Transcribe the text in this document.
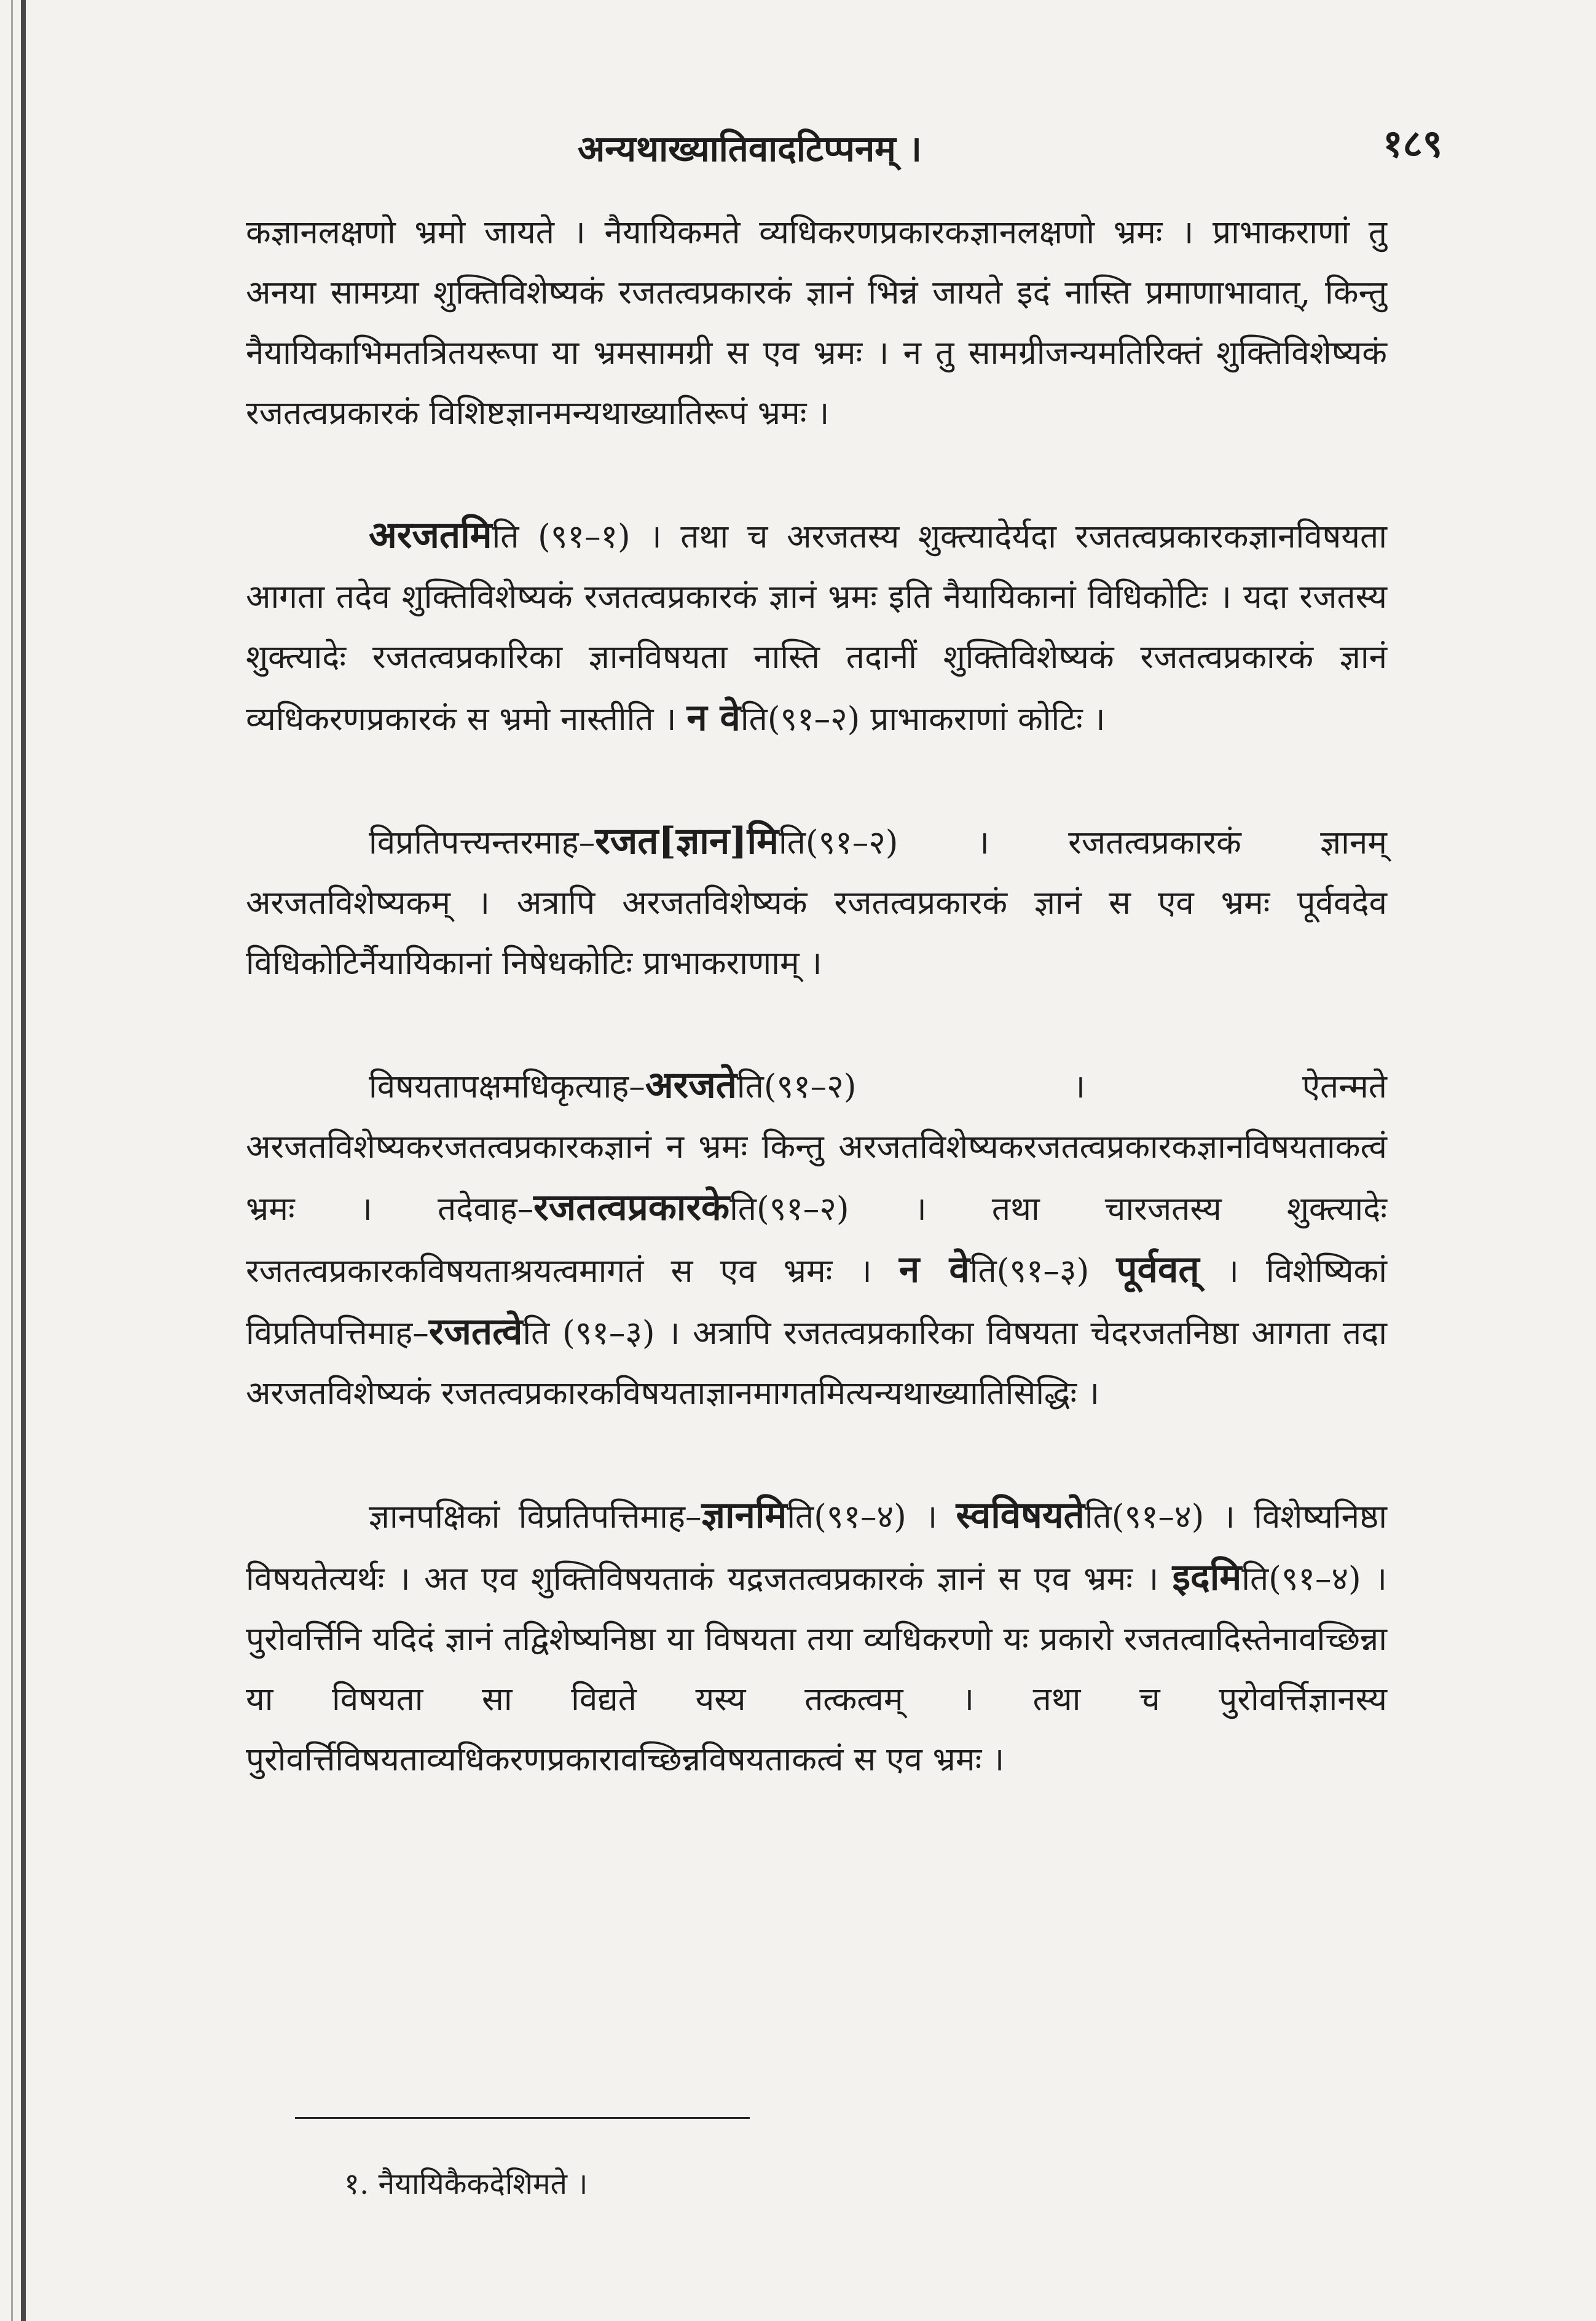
अन्यथाख्यातिवादटिप्पनम् ।	१८९

कज्ञानलक्षणो भ्रमो जायते । नैयायिकमते व्यधिकरणप्रकारकज्ञानलक्षणो भ्रमः । प्राभाकराणां तु अनया सामग्र्या शुक्तिविशेष्यकं रजतत्वप्रकारकं ज्ञानं भिन्नं जायते इदं नास्ति प्रमाणाभावात्, किन्तु नैयायिकाभिमतत्रितयरूपा या भ्रमसामग्री स एव भ्रमः । न तु सामग्रीजन्यमतिरिक्तं शुक्तिविशेष्यकं रजतत्वप्रकारकं विशिष्टज्ञानमन्यथाख्यातिरूपं भ्रमः ।

अरजतमिति (९१–१) । तथा च अरजतस्य शुक्त्यादेर्यदा रजतत्वप्रकारकज्ञानविषयता आगता तदेव शुक्तिविशेष्यकं रजतत्वप्रकारकं ज्ञानं भ्रमः इति नैयायिकानां विधिकोटिः । यदा रजतस्य शुक्त्यादेः रजतत्वप्रकारिका ज्ञानविषयता नास्ति तदानीं शुक्तिविशेष्यकं रजतत्वप्रकारकं ज्ञानं व्यधिकरणप्रकारकं स भ्रमो नास्तीति । न वेति(९१–२) प्राभाकराणां कोटिः ।

विप्रतिपत्त्यन्तरमाह–रजत[ज्ञान]मिति(९१–२) । रजतत्वप्रकारकं ज्ञानम् अरजतविशेष्यकम् । अत्रापि अरजतविशेष्यकं रजतत्वप्रकारकं ज्ञानं स एव भ्रमः पूर्ववदेव विधिकोटिर्नैयायिकानां निषेधकोटिः प्राभाकराणाम् ।

विषयतापक्षमधिकृत्याह–अरजतेति(९१–२) । ऐतन्मते अरजतविशेष्यकरजतत्वप्रकारकज्ञानं न भ्रमः किन्तु अरजतविशेष्यकरजतत्वप्रकारकज्ञानविषयताकत्वं भ्रमः । तदेवाह–रजतत्वप्रकारकेति(९१–२) । तथा चारजतस्य शुक्त्यादेः रजतत्वप्रकारकविषयताश्रयत्वमागतं स एव भ्रमः । न वेति(९१–३) पूर्ववत् । विशेष्यिकां विप्रतिपत्तिमाह–रजतत्वेति (९१–३) । अत्रापि रजतत्वप्रकारिका विषयता चेदरजतनिष्ठा आगता तदा अरजतविशेष्यकं रजतत्वप्रकारकविषयताज्ञानमागतमित्यन्यथाख्यातिसिद्धिः ।

ज्ञानपक्षिकां विप्रतिपत्तिमाह–ज्ञानमिति(९१–४) । स्वविषयतेति(९१–४) । विशेष्यनिष्ठा विषयतेत्यर्थः । अत एव शुक्तिविषयताकं यद्रजतत्वप्रकारकं ज्ञानं स एव भ्रमः । इदमिति(९१–४) । पुरोवर्त्तिनि यदिदं ज्ञानं तद्विशेष्यनिष्ठा या विषयता तया व्यधिकरणो यः प्रकारो रजतत्वादिस्तेनावच्छिन्ना या विषयता सा विद्यते यस्य तत्कत्वम् । तथा च पुरोवर्त्तिज्ञानस्य पुरोवर्त्तिविषयताव्यधिकरणप्रकारावच्छिन्नविषयताकत्वं स एव भ्रमः ।

१. नैयायिकैकदेशिमते ।
